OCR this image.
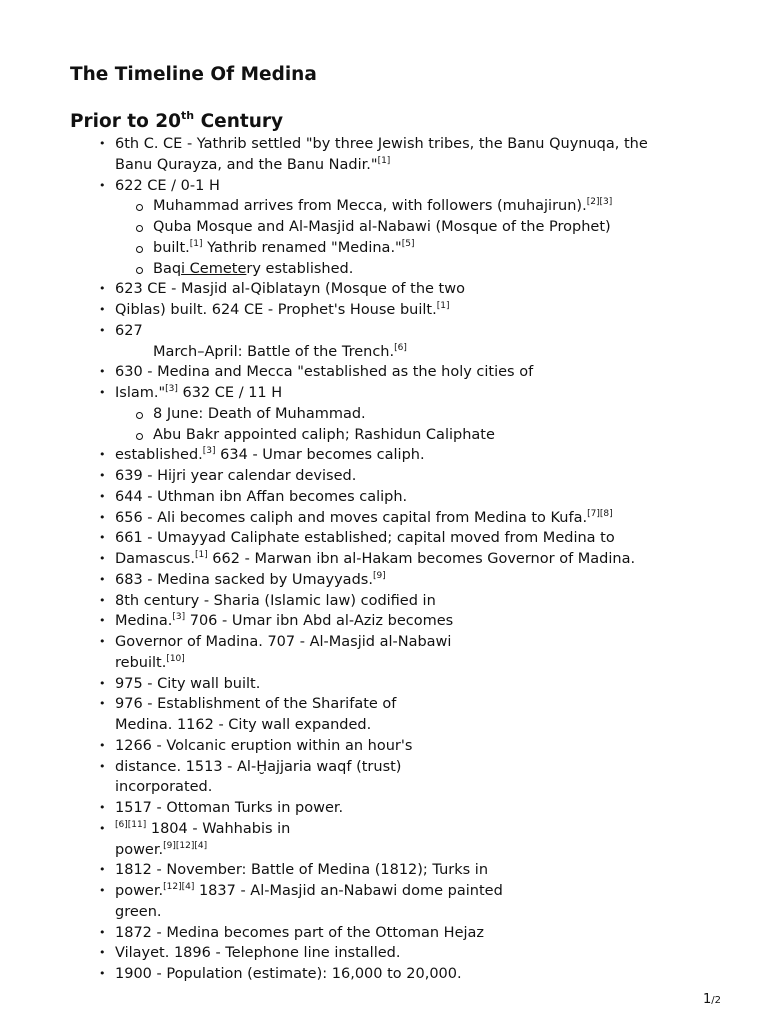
The Timeline Of Medina
Prior to 20th Century
• 6th C. CE - Yathrib settled "by three Jewish tribes, the Banu Quynuqa, the
Banu Qurayza, and the Banu Nadir."[1]
• 622 CE / 0-1 H
Muhammad arrives from Mecca, with followers (muhajirun).[2][3]
Quba Mosque and Al-Masjid al-Nabawi (Mosque of the Prophet)
built.[1] Yathrib renamed "Medina."[5]
Baqi Cemetery established.
• 623 CE - Masjid al-Qiblatayn (Mosque of the two
• Qiblas) built. 624 CE - Prophet's House built.[1]
• 627
March–April: Battle of the Trench.[6]
• 630 - Medina and Mecca "established as the holy cities of
• Islam."[3] 632 CE / 11 H
8 June: Death of Muhammad.
Abu Bakr appointed caliph; Rashidun Caliphate
• established.[3] 634 - Umar becomes caliph.
• 639 - Hijri year calendar devised.
• 644 - Uthman ibn Affan becomes caliph.
• 656 - Ali becomes caliph and moves capital from Medina to Kufa.[7][8]
• 661 - Umayyad Caliphate established; capital moved from Medina to
• Damascus.[1] 662 - Marwan ibn al-Hakam becomes Governor of Madina.
• 683 - Medina sacked by Umayyads.[9]
• 8th century - Sharia (Islamic law) codified in
• Medina.[3] 706 - Umar ibn Abd al-Aziz becomes
• Governor of Madina. 707 - Al-Masjid al-Nabawi
rebuilt.[10]
• 975 - City wall built.
• 976 - Establishment of the Sharifate of
Medina. 1162 - City wall expanded.
• 1266 - Volcanic eruption within an hour's
• distance. 1513 - Al-Ḫajjaria waqf (trust)
incorporated.
• 1517 - Ottoman Turks in power.
• [6][11] 1804 - Wahhabis in
power.[9][12][4]
• 1812 - November: Battle of Medina (1812); Turks in
• power.[12][4] 1837 - Al-Masjid an-Nabawi dome painted
green.
• 1872 - Medina becomes part of the Ottoman Hejaz
• Vilayet. 1896 - Telephone line installed.
• 1900 - Population (estimate): 16,000 to 20,000.
1/2
